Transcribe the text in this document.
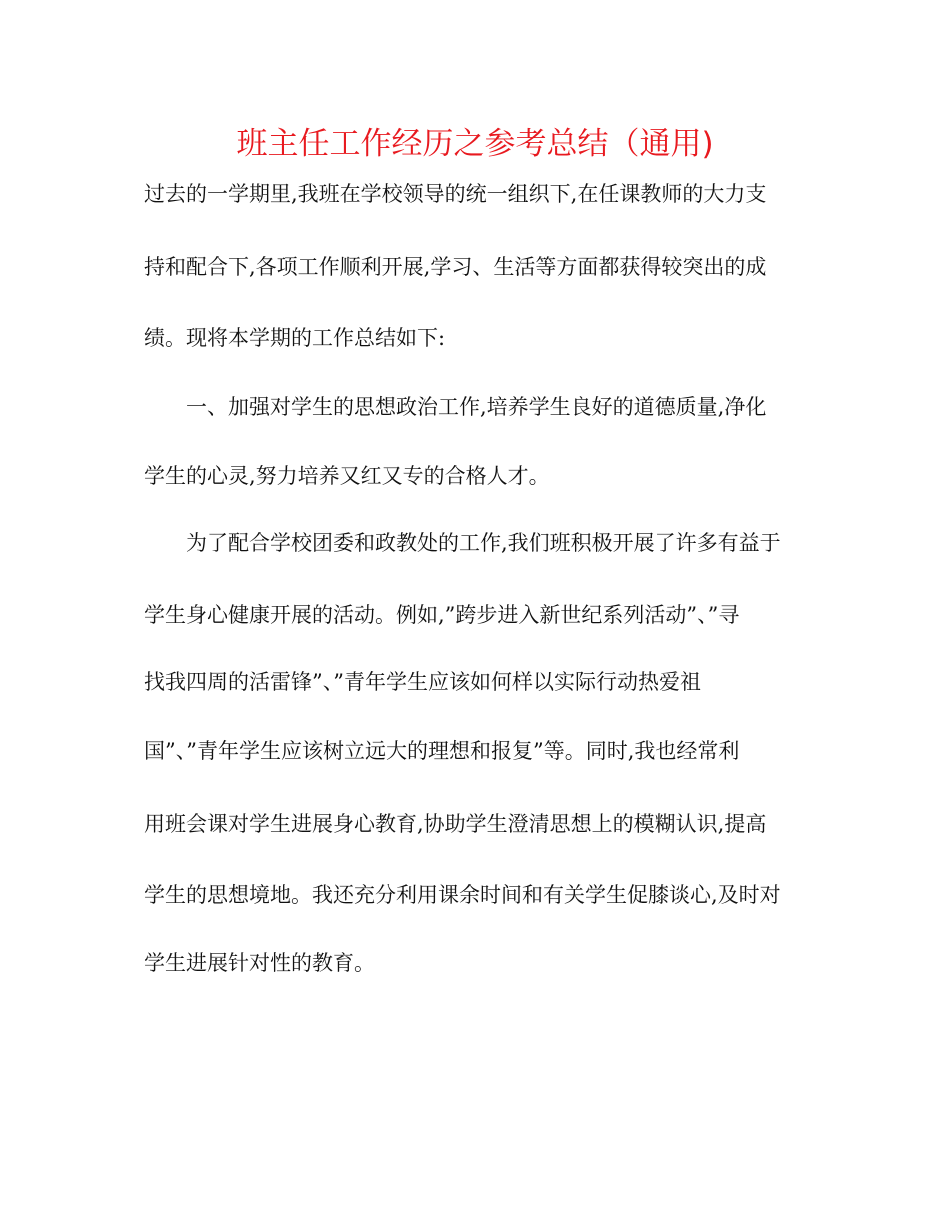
班主任工作经历之参考总结（通用)

过去的一学期里,我班在学校领导的统一组织下,在任课教师的大力支

持和配合下,各项工作顺利开展,学习、生活等方面都获得较突出的成

绩。现将本学期的工作总结如下:

　　一、加强对学生的思想政治工作,培养学生良好的道德质量,净化

学生的心灵,努力培养又红又专的合格人才。

　　为了配合学校团委和政教处的工作,我们班积极开展了许多有益于

学生身心健康开展的活动。例如,”跨步进入新世纪系列活动”、”寻

找我四周的活雷锋”、”青年学生应该如何样以实际行动热爱祖

国”、”青年学生应该树立远大的理想和报复”等。同时,我也经常利

用班会课对学生进展身心教育,协助学生澄清思想上的模糊认识,提高

学生的思想境地。我还充分利用课余时间和有关学生促膝谈心,及时对

学生进展针对性的教育。
